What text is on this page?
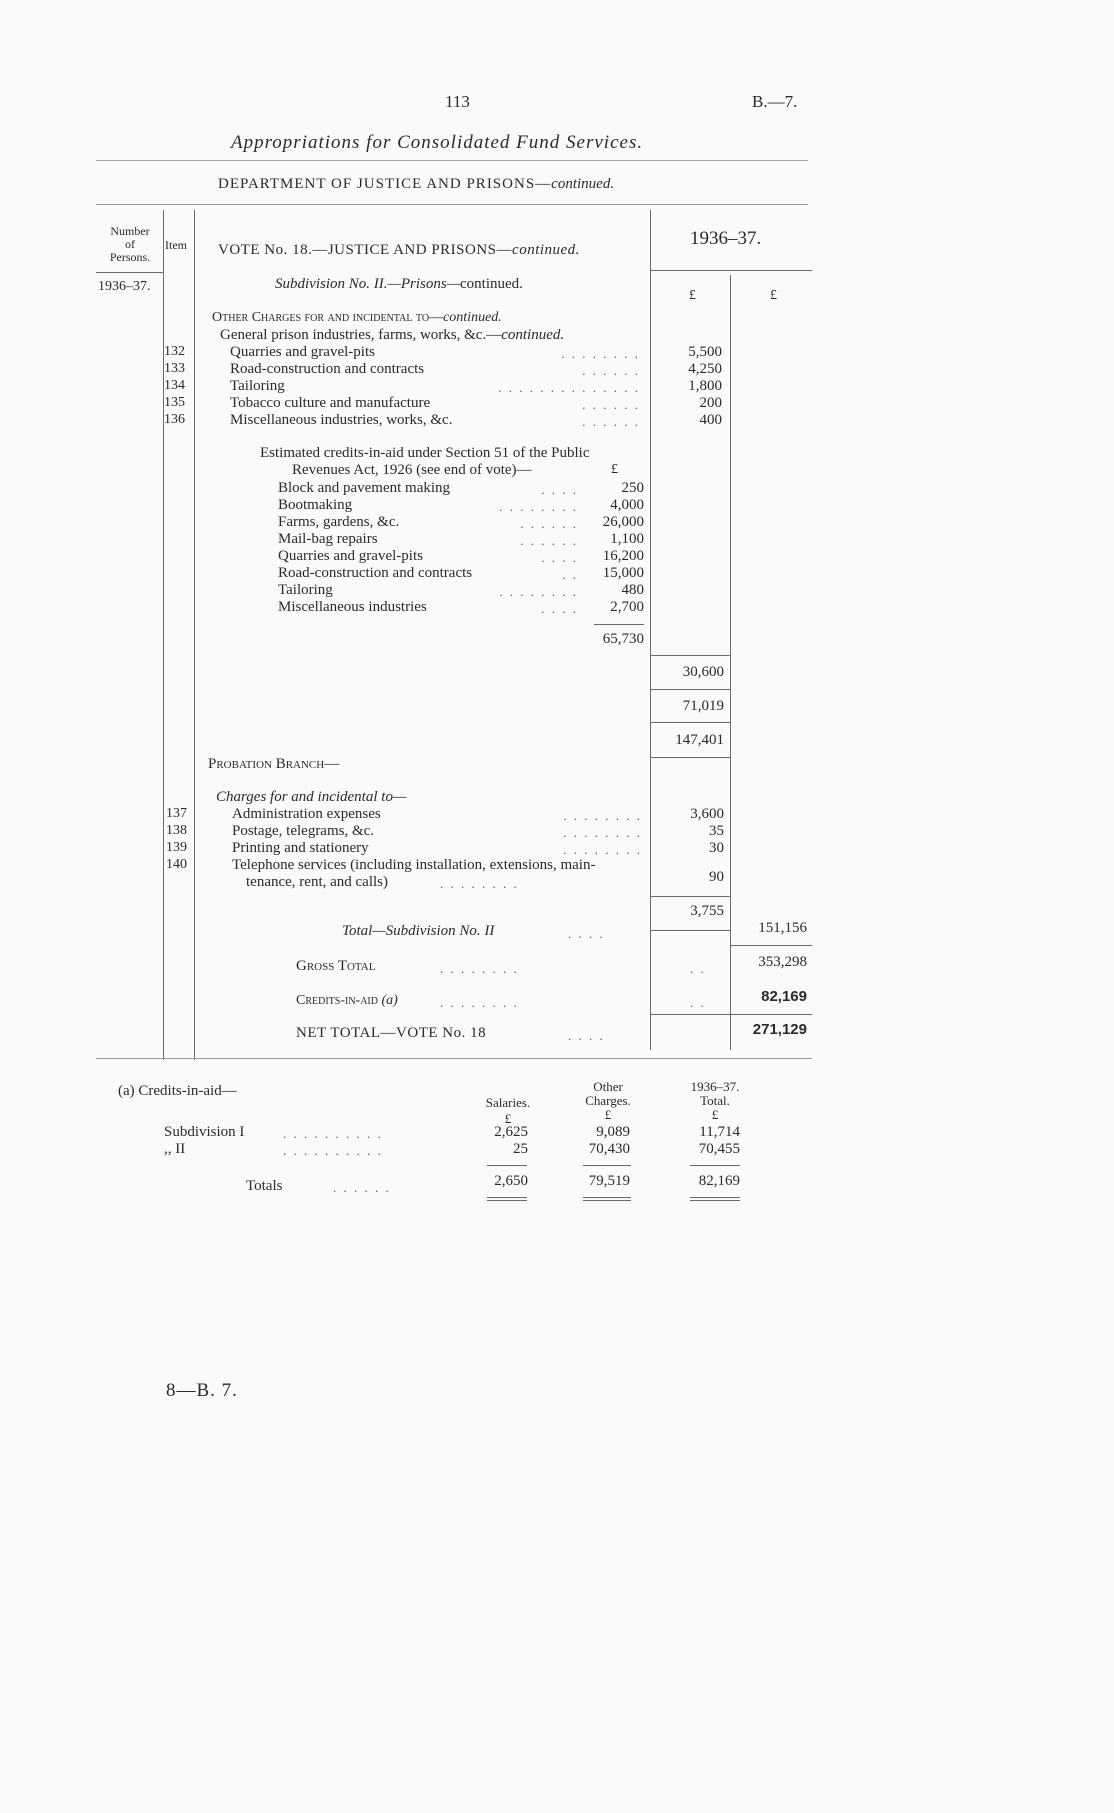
113	B.—7.
Appropriations for Consolidated Fund Services.
DEPARTMENT OF JUSTICE AND PRISONS—continued.
Number
of
Persons.
Item
1936–37.
1936–37.
£	£
VOTE No. 18.—JUSTICE AND PRISONS—continued.
Subdivision No. II.—Prisons—continued.
Other Charges for and incidental to—continued.
General prison industries, farms, works, &c.—continued.
132	Quarries and gravel-pits	. . . . . . . .	5,500
133	Road-construction and contracts	. . . . . .	4,250
134	Tailoring	. . . . . . . . . . . . . .	1,800
135	Tobacco culture and manufacture	. . . . . .	200
136	Miscellaneous industries, works, &c.	. . . . . .	400
Estimated credits-in-aid under Section 51 of the Public
Revenues Act, 1926 (see end of vote)—	£
Block and pavement making	. . . .	250
Bootmaking	. . . . . . . .	4,000
Farms, gardens, &c.	. . . . . .	26,000
Mail-bag repairs	. . . . . .	1,100
Quarries and gravel-pits	. . . .	16,200
Road-construction and contracts	. .	15,000
Tailoring	. . . . . . . .	480
Miscellaneous industries	. . . .	2,700
65,730
30,600
71,019
147,401
Probation Branch—
Charges for and incidental to—
137	Administration expenses	. . . . . . . .	3,600
138	Postage, telegrams, &c.	. . . . . . . .	35
139	Printing and stationery	. . . . . . . .	30
140	Telephone services (including installation, extensions, main-
tenance, rent, and calls)	. . . . . . . .	90
3,755
Total—Subdivision No. II	. . . .	151,156
Gross Total	. . . . . . . .	. .	353,298
Credits-in-aid (a)	. . . . . . . .	. .	82,169
NET TOTAL—VOTE No. 18	. . . .	271,129
(a) Credits-in-aid—
Salaries.
£
Other
Charges.
£
1936–37.
Total.
£
Subdivision I	. . . . . . . . . .	2,625	9,089	11,714
,, II	. . . . . . . . . .	25	70,430	70,455
Totals	. . . . . .	2,650	79,519	82,169
8—B. 7.
